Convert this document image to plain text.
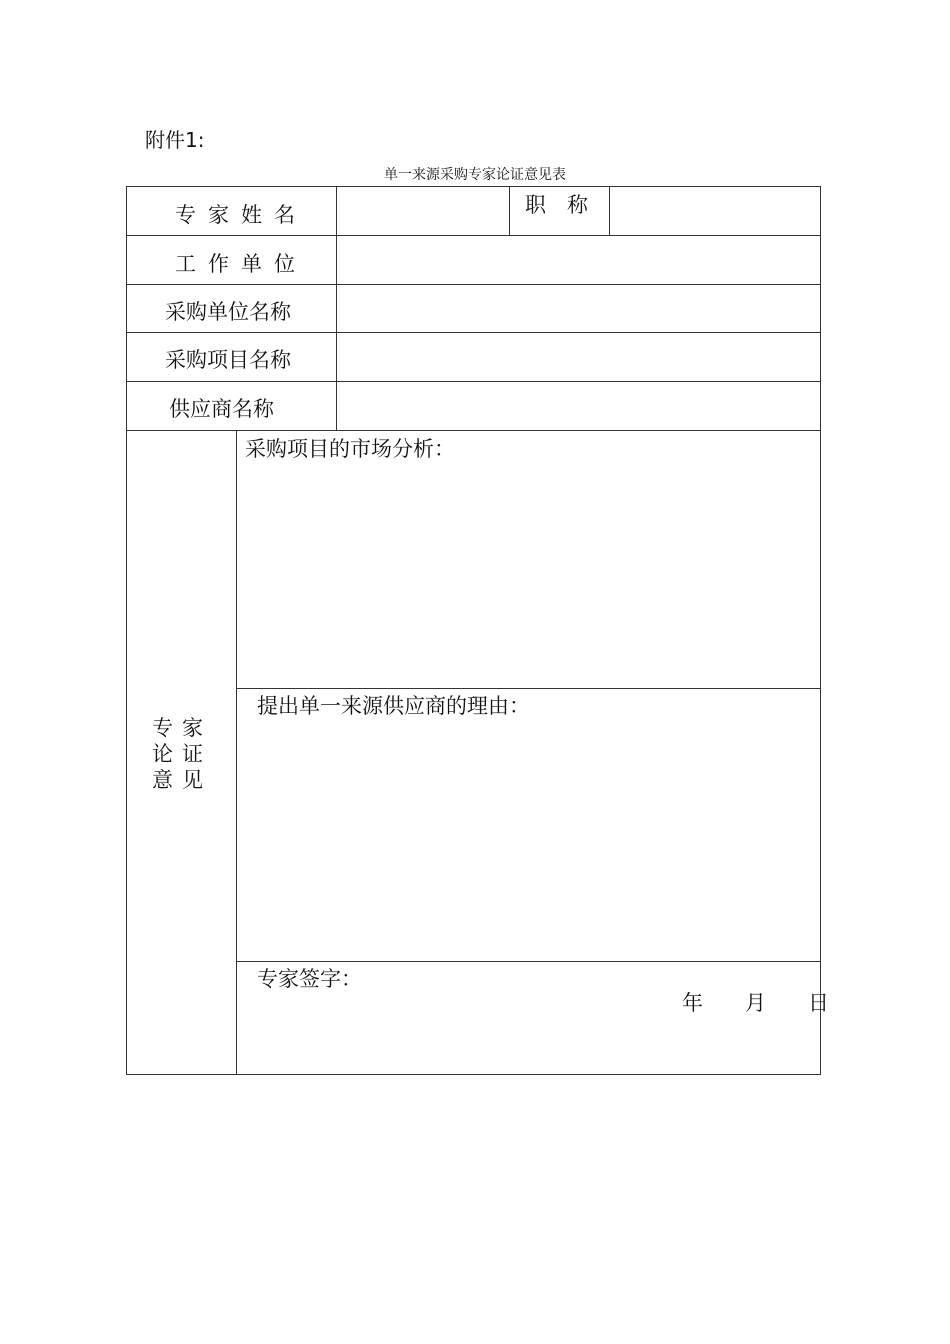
附件1:
单一来源采购专家论证意见表
专家姓名	职　称
工作单位
采购单位名称
采购项目名称
供应商名称
专家
论证
意见
采购项目的市场分析：
提出单一来源供应商的理由：
专家签字：
年　　月　　日
